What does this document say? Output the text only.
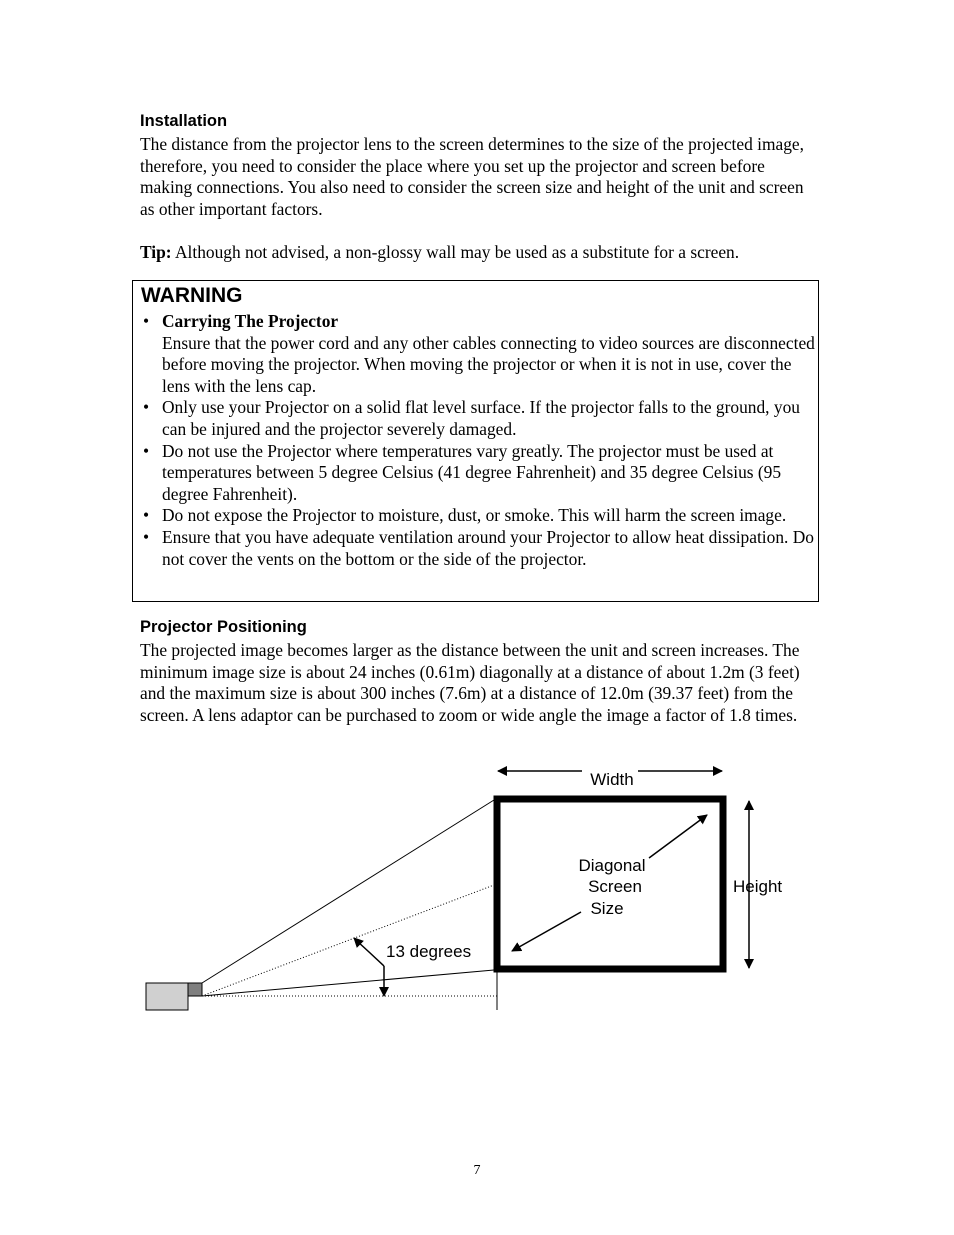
Installation

The distance from the projector lens to the screen determines to the size of the projected image, therefore, you need to consider the place where you set up the projector and screen before making connections. You also need to consider the screen size and height of the unit and screen as other important factors.

Tip: Although not advised, a non-glossy wall may be used as a substitute for a screen.

WARNING
• Carrying The Projector
Ensure that the power cord and any other cables connecting to video sources are disconnected before moving the projector. When moving the projector or when it is not in use, cover the lens with the lens cap.
• Only use your Projector on a solid flat level surface. If the projector falls to the ground, you can be injured and the projector severely damaged.
• Do not use the Projector where temperatures vary greatly. The projector must be used at temperatures between 5 degree Celsius (41 degree Fahrenheit) and 35 degree Celsius (95 degree Fahrenheit).
• Do not expose the Projector to moisture, dust, or smoke. This will harm the screen image.
• Ensure that you have adequate ventilation around your Projector to allow heat dissipation. Do not cover the vents on the bottom or the side of the projector.
Projector Positioning

The projected image becomes larger as the distance between the unit and screen increases. The minimum image size is about 24 inches (0.61m) diagonally at a distance of about 1.2m (3 feet) and the maximum size is about 300 inches (7.6m) at a distance of 12.0m (39.37 feet) from the screen. A lens adaptor can be purchased to zoom or wide angle the image a factor of 1.8 times.

Width
Height
Diagonal
Screen
Size
13 degrees
7
